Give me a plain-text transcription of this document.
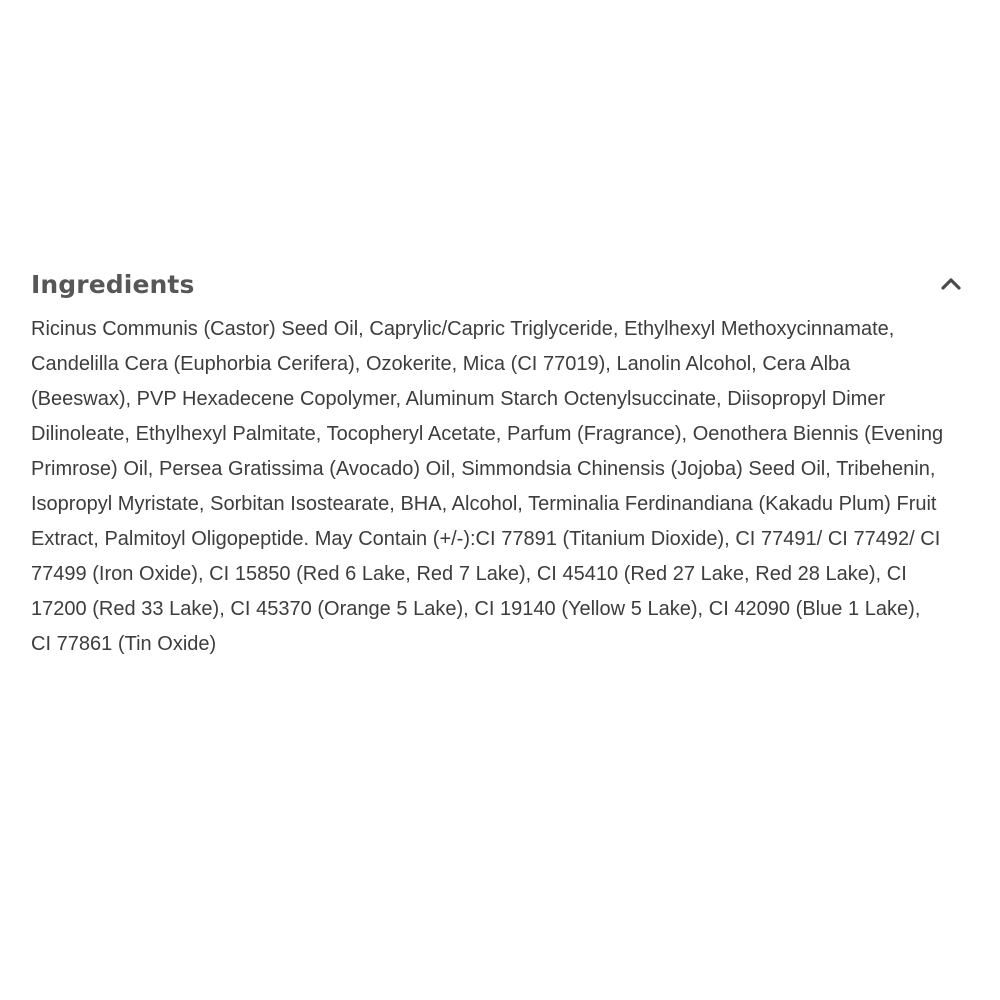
Ingredients

Ricinus Communis (Castor) Seed Oil, Caprylic/Capric Triglyceride, Ethylhexyl Methoxycinnamate, Candelilla Cera (Euphorbia Cerifera), Ozokerite, Mica (CI 77019), Lanolin Alcohol, Cera Alba (Beeswax), PVP Hexadecene Copolymer, Aluminum Starch Octenylsuccinate, Diisopropyl Dimer Dilinoleate, Ethylhexyl Palmitate, Tocopheryl Acetate, Parfum (Fragrance), Oenothera Biennis (Evening Primrose) Oil, Persea Gratissima (Avocado) Oil, Simmondsia Chinensis (Jojoba) Seed Oil, Tribehenin, Isopropyl Myristate, Sorbitan Isostearate, BHA, Alcohol, Terminalia Ferdinandiana (Kakadu Plum) Fruit Extract, Palmitoyl Oligopeptide. May Contain (+/-):CI 77891 (Titanium Dioxide), CI 77491/ CI 77492/ CI 77499 (Iron Oxide), CI 15850 (Red 6 Lake, Red 7 Lake), CI 45410 (Red 27 Lake, Red 28 Lake), CI 17200 (Red 33 Lake), CI 45370 (Orange 5 Lake), CI 19140 (Yellow 5 Lake), CI 42090 (Blue 1 Lake), CI 77861 (Tin Oxide)
